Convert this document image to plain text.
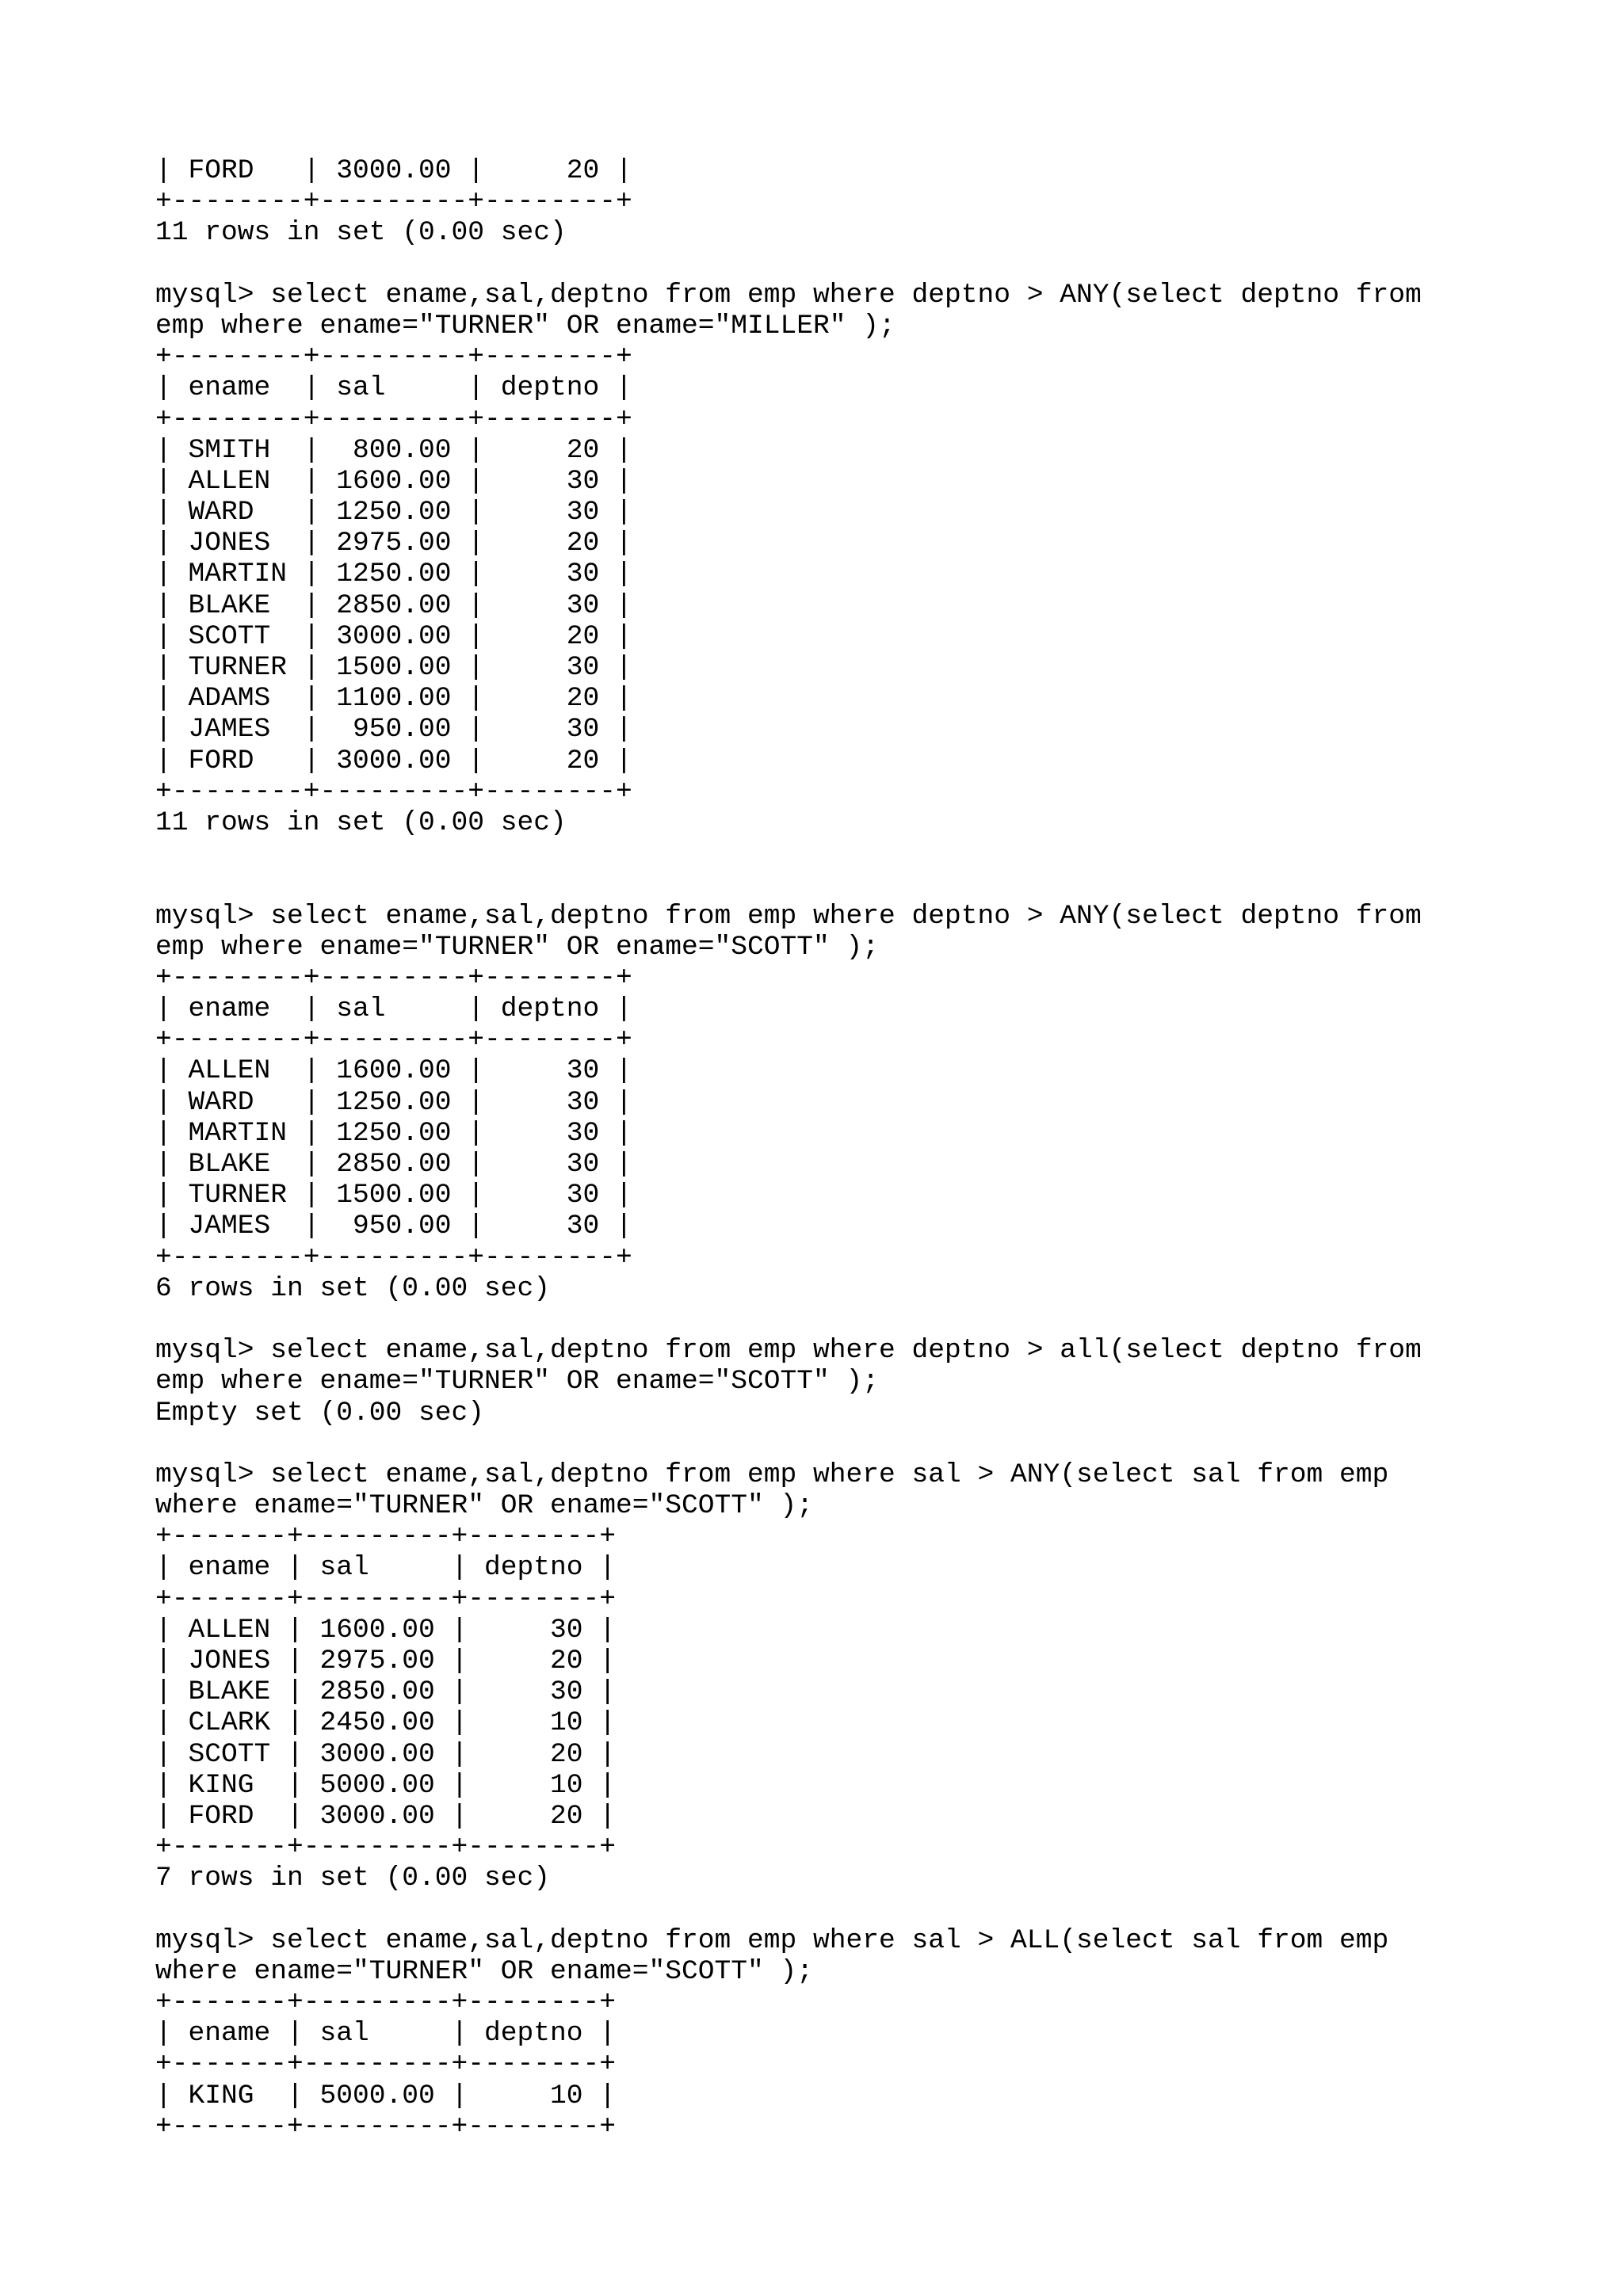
| FORD   | 3000.00 |     20 |
+--------+---------+--------+
11 rows in set (0.00 sec)
mysql> select ename,sal,deptno from emp where deptno > ANY(select deptno from
emp where ename="TURNER" OR ename="MILLER" );
+--------+---------+--------+
| ename  | sal     | deptno |
+--------+---------+--------+
| SMITH  |  800.00 |     20 |
| ALLEN  | 1600.00 |     30 |
| WARD   | 1250.00 |     30 |
| JONES  | 2975.00 |     20 |
| MARTIN | 1250.00 |     30 |
| BLAKE  | 2850.00 |     30 |
| SCOTT  | 3000.00 |     20 |
| TURNER | 1500.00 |     30 |
| ADAMS  | 1100.00 |     20 |
| JAMES  |  950.00 |     30 |
| FORD   | 3000.00 |     20 |
+--------+---------+--------+
11 rows in set (0.00 sec)
mysql> select ename,sal,deptno from emp where deptno > ANY(select deptno from
emp where ename="TURNER" OR ename="SCOTT" );
+--------+---------+--------+
| ename  | sal     | deptno |
+--------+---------+--------+
| ALLEN  | 1600.00 |     30 |
| WARD   | 1250.00 |     30 |
| MARTIN | 1250.00 |     30 |
| BLAKE  | 2850.00 |     30 |
| TURNER | 1500.00 |     30 |
| JAMES  |  950.00 |     30 |
+--------+---------+--------+
6 rows in set (0.00 sec)
mysql> select ename,sal,deptno from emp where deptno > all(select deptno from
emp where ename="TURNER" OR ename="SCOTT" );
Empty set (0.00 sec)
mysql> select ename,sal,deptno from emp where sal > ANY(select sal from emp
where ename="TURNER" OR ename="SCOTT" );
+-------+---------+--------+
| ename | sal     | deptno |
+-------+---------+--------+
| ALLEN | 1600.00 |     30 |
| JONES | 2975.00 |     20 |
| BLAKE | 2850.00 |     30 |
| CLARK | 2450.00 |     10 |
| SCOTT | 3000.00 |     20 |
| KING  | 5000.00 |     10 |
| FORD  | 3000.00 |     20 |
+-------+---------+--------+
7 rows in set (0.00 sec)
mysql> select ename,sal,deptno from emp where sal > ALL(select sal from emp
where ename="TURNER" OR ename="SCOTT" );
+-------+---------+--------+
| ename | sal     | deptno |
+-------+---------+--------+
| KING  | 5000.00 |     10 |
+-------+---------+--------+
